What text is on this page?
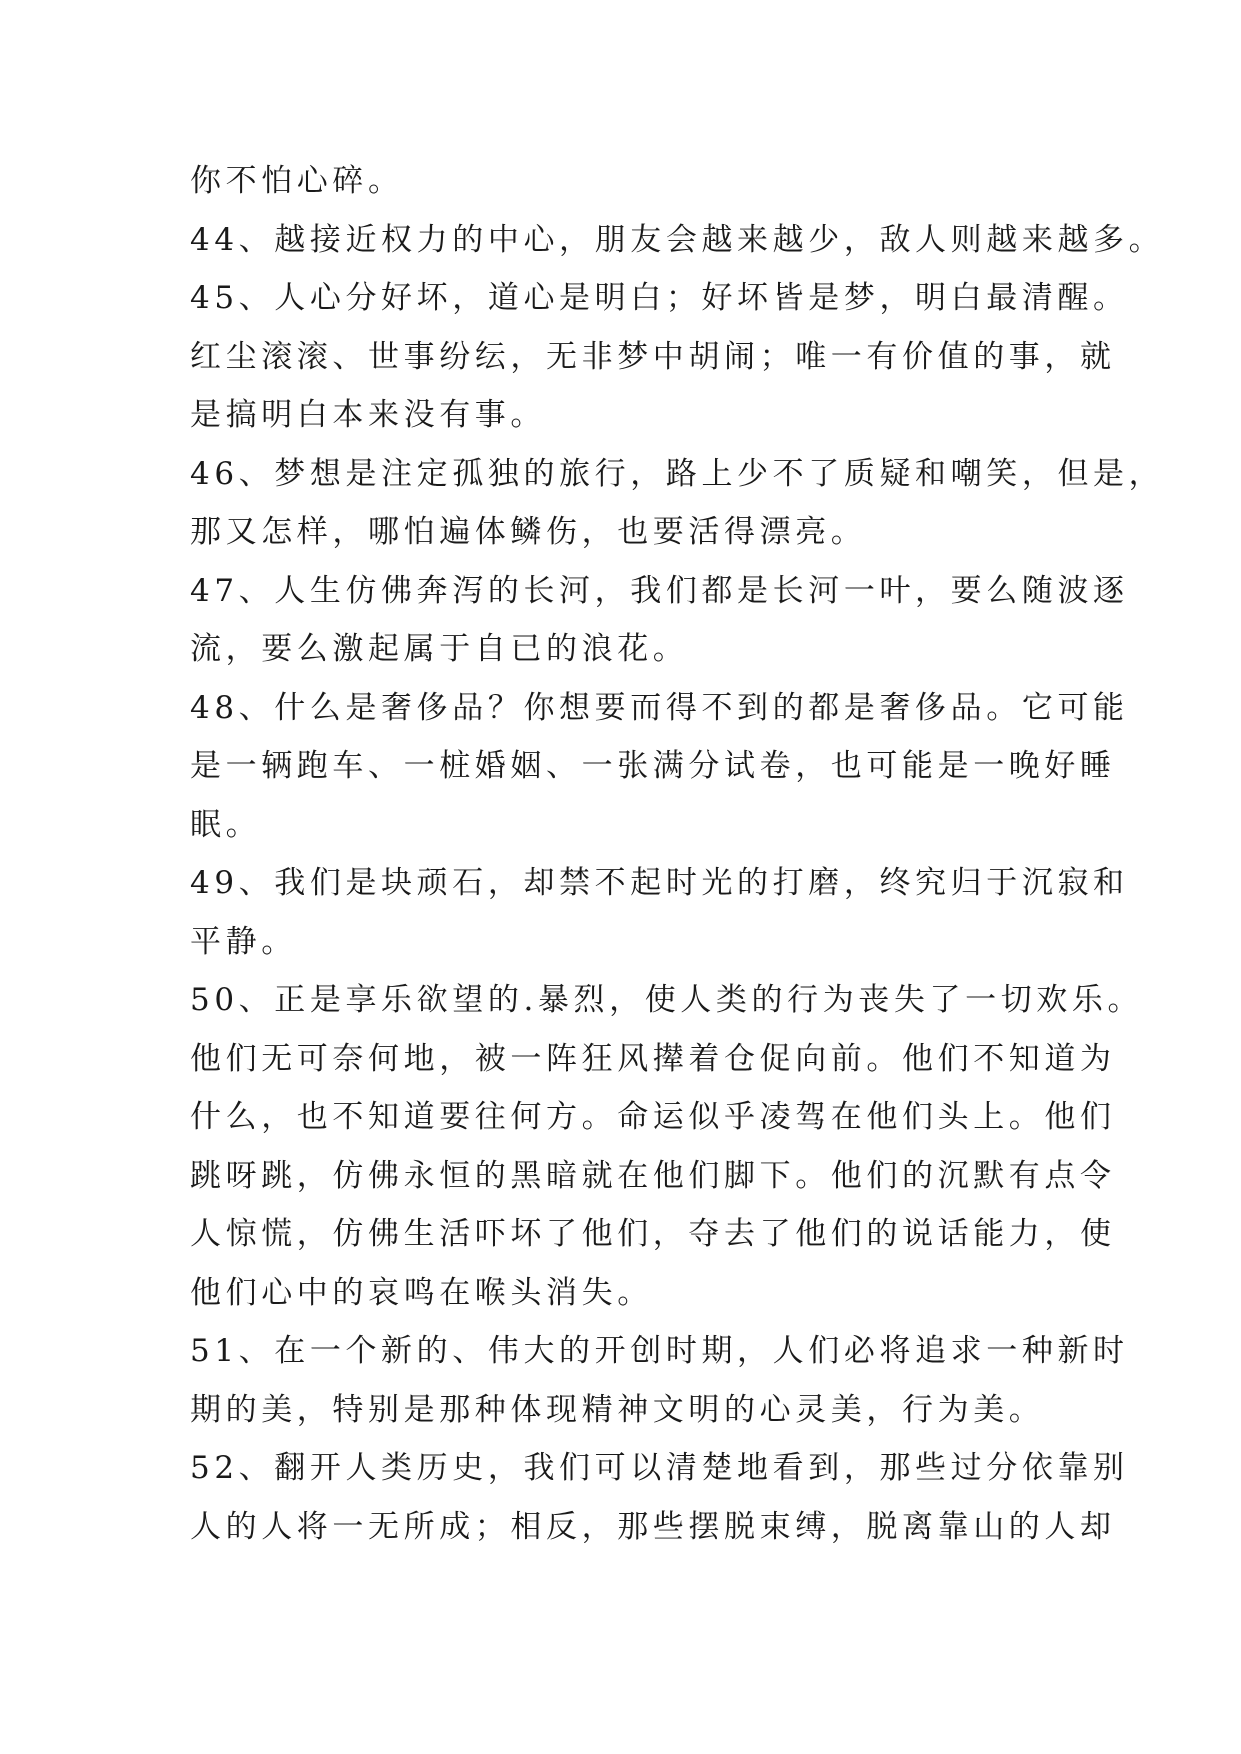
你不怕心碎。
44、越接近权力的中心，朋友会越来越少，敌人则越来越多。
45、人心分好坏，道心是明白；好坏皆是梦，明白最清醒。
红尘滚滚、世事纷纭，无非梦中胡闹；唯一有价值的事，就
是搞明白本来没有事。
46、梦想是注定孤独的旅行，路上少不了质疑和嘲笑，但是，
那又怎样，哪怕遍体鳞伤，也要活得漂亮。
47、人生仿佛奔泻的长河，我们都是长河一叶，要么随波逐
流，要么激起属于自已的浪花。
48、什么是奢侈品？你想要而得不到的都是奢侈品。它可能
是一辆跑车、一桩婚姻、一张满分试卷，也可能是一晚好睡
眠。
49、我们是块顽石，却禁不起时光的打磨，终究归于沉寂和
平静。
50、正是享乐欲望的.暴烈，使人类的行为丧失了一切欢乐。
他们无可奈何地，被一阵狂风撵着仓促向前。他们不知道为
什么，也不知道要往何方。命运似乎凌驾在他们头上。他们
跳呀跳，仿佛永恒的黑暗就在他们脚下。他们的沉默有点令
人惊慌，仿佛生活吓坏了他们，夺去了他们的说话能力，使
他们心中的哀鸣在喉头消失。
51、在一个新的、伟大的开创时期，人们必将追求一种新时
期的美，特别是那种体现精神文明的心灵美，行为美。
52、翻开人类历史，我们可以清楚地看到，那些过分依靠别
人的人将一无所成；相反，那些摆脱束缚，脱离靠山的人却
